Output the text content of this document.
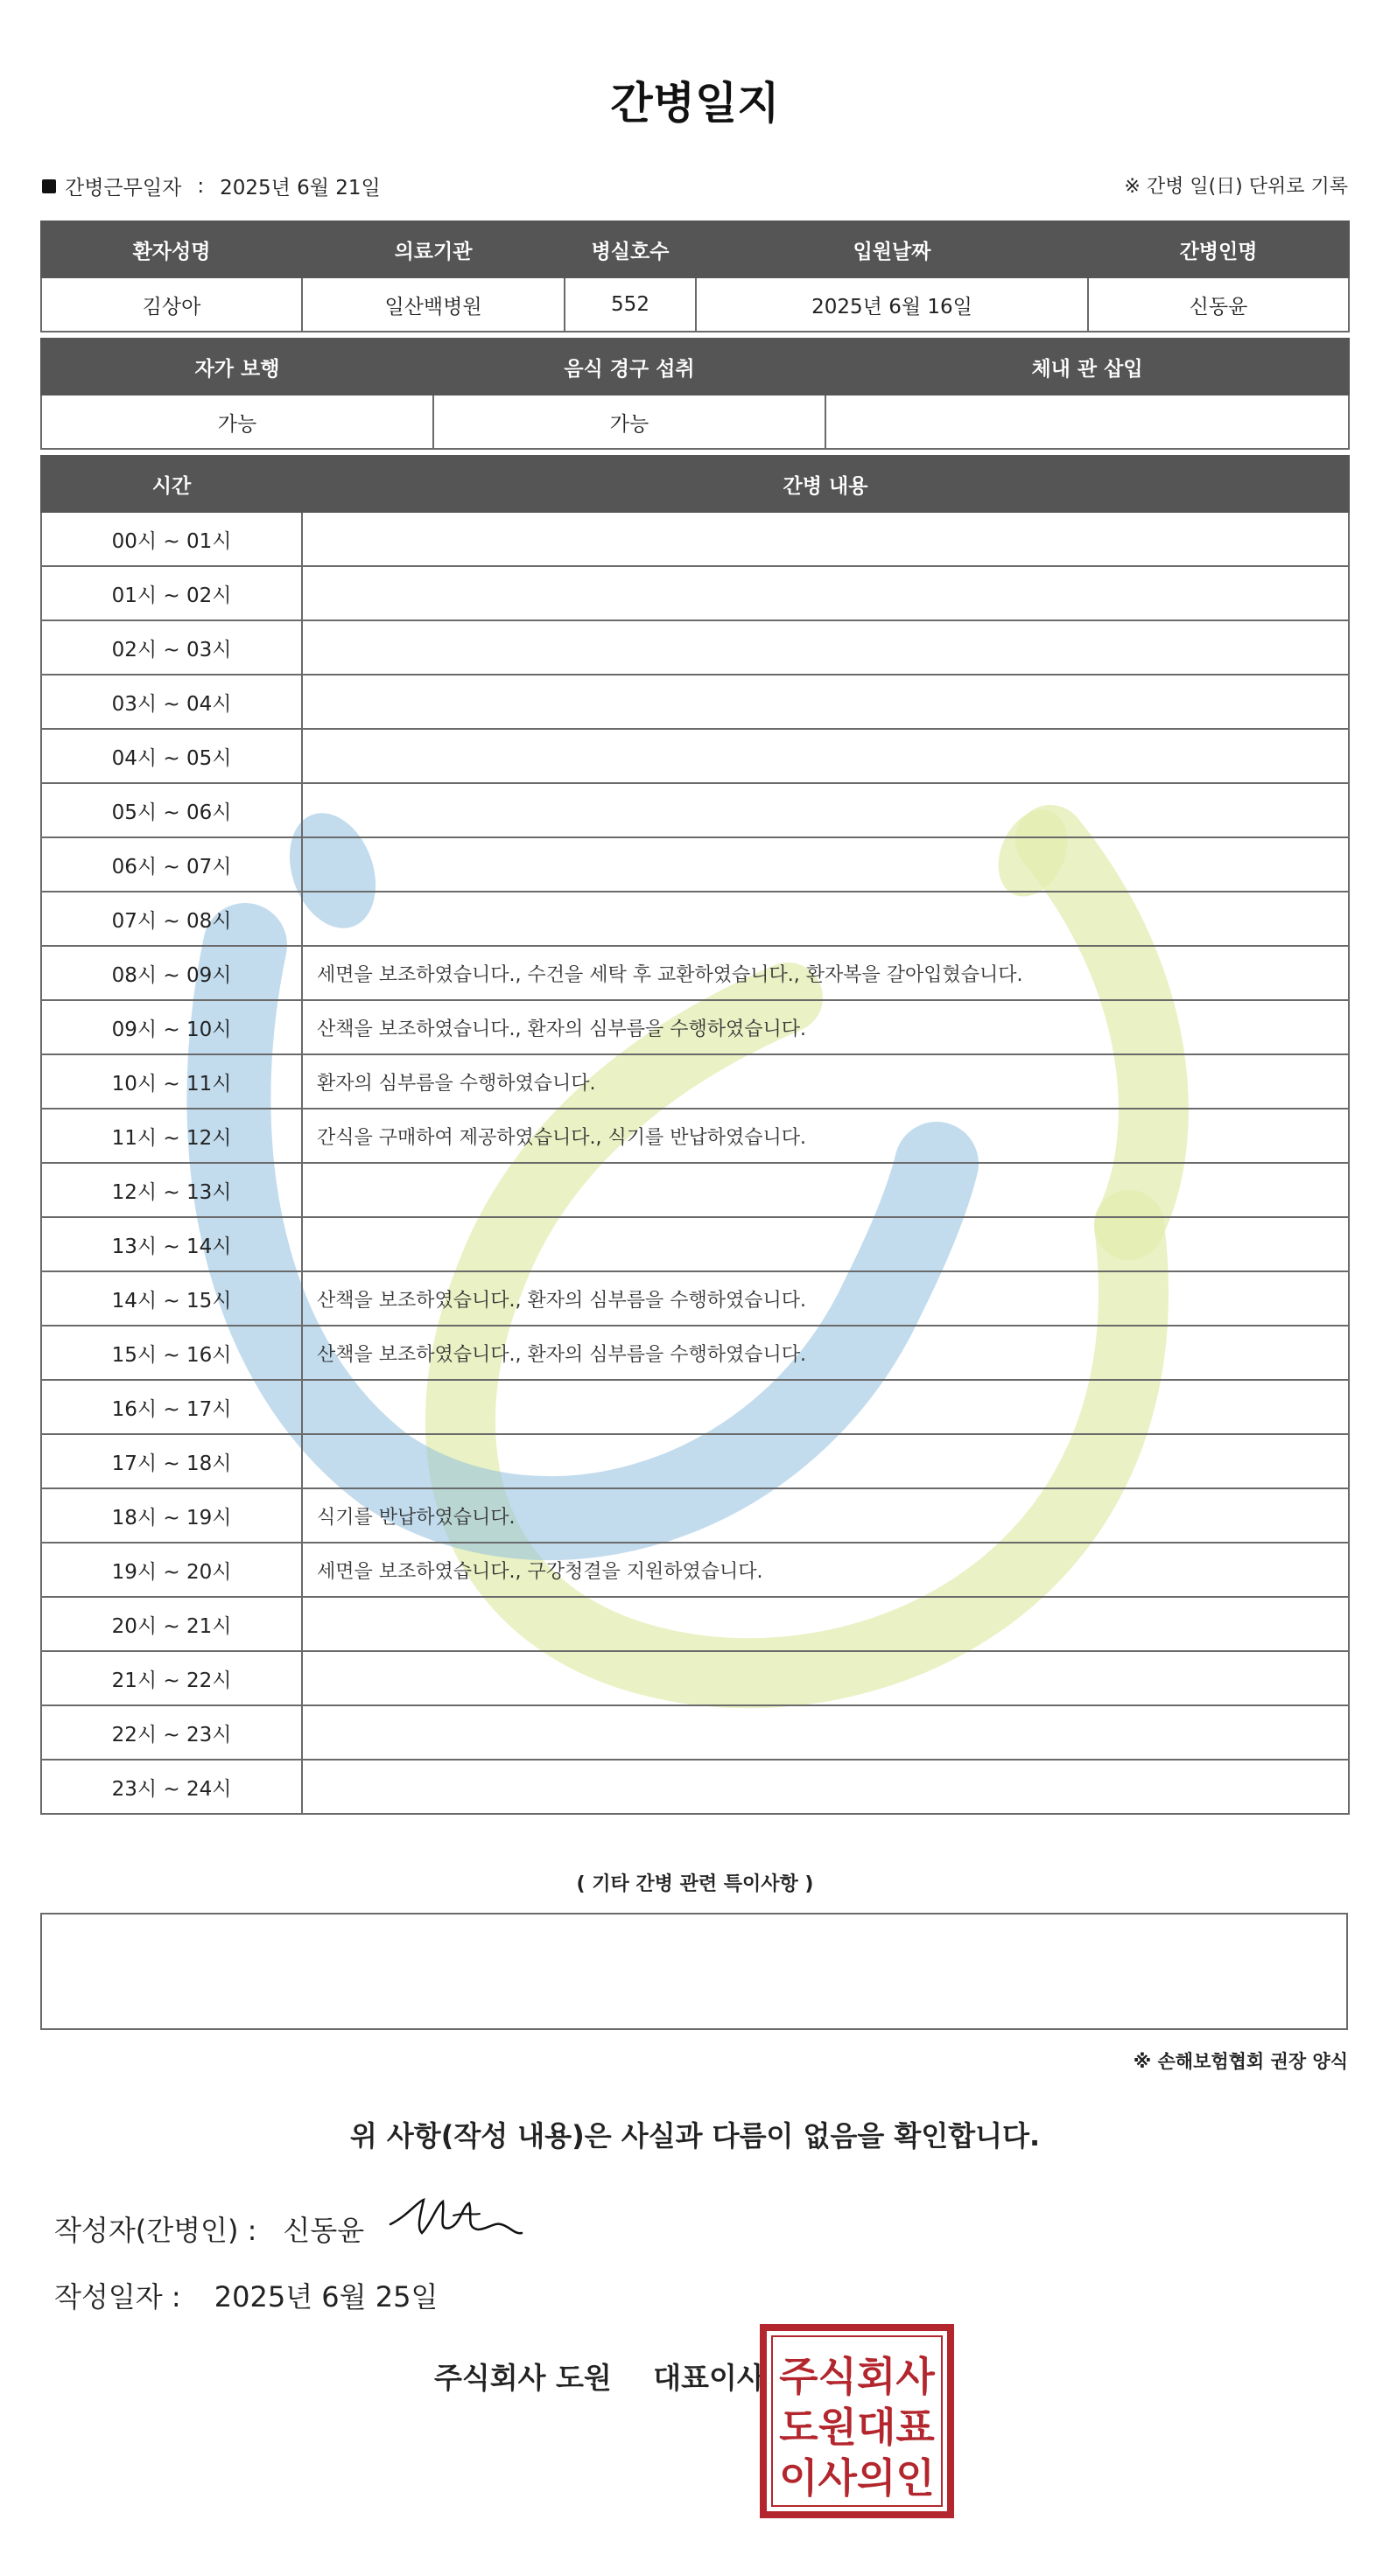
간병일지
간병근무일자 : 2025년 6월 21일	※ 간병 일(日) 단위로 기록
환자성명	의료기관	병실호수	입원날짜	간병인명
김상아	일산백병원	552	2025년 6월 16일	신동윤
자가 보행	음식 경구 섭취	체내 관 삽입
가능	가능	
시간	간병 내용
00시 ~ 01시	
01시 ~ 02시	
02시 ~ 03시	
03시 ~ 04시	
04시 ~ 05시	
05시 ~ 06시	
06시 ~ 07시	
07시 ~ 08시	
08시 ~ 09시	세면을 보조하였습니다., 수건을 세탁 후 교환하였습니다., 환자복을 갈아입혔습니다.
09시 ~ 10시	산책을 보조하였습니다., 환자의 심부름을 수행하였습니다.
10시 ~ 11시	환자의 심부름을 수행하였습니다.
11시 ~ 12시	간식을 구매하여 제공하였습니다., 식기를 반납하였습니다.
12시 ~ 13시	
13시 ~ 14시	
14시 ~ 15시	산책을 보조하였습니다., 환자의 심부름을 수행하였습니다.
15시 ~ 16시	산책을 보조하였습니다., 환자의 심부름을 수행하였습니다.
16시 ~ 17시	
17시 ~ 18시	
18시 ~ 19시	식기를 반납하였습니다.
19시 ~ 20시	세면을 보조하였습니다., 구강청결을 지원하였습니다.
20시 ~ 21시	
21시 ~ 22시	
22시 ~ 23시	
23시 ~ 24시	
( 기타 간병 관련 특이사항 )
※ 손해보험협회 권장 양식
위 사항(작성 내용)은 사실과 다름이 없음을 확인합니다.
작성자(간병인) : 신동윤
작성일자 : 2025년 6월 25일
주식회사 도원 대표이사 주식회사
도원대표
이사의인
